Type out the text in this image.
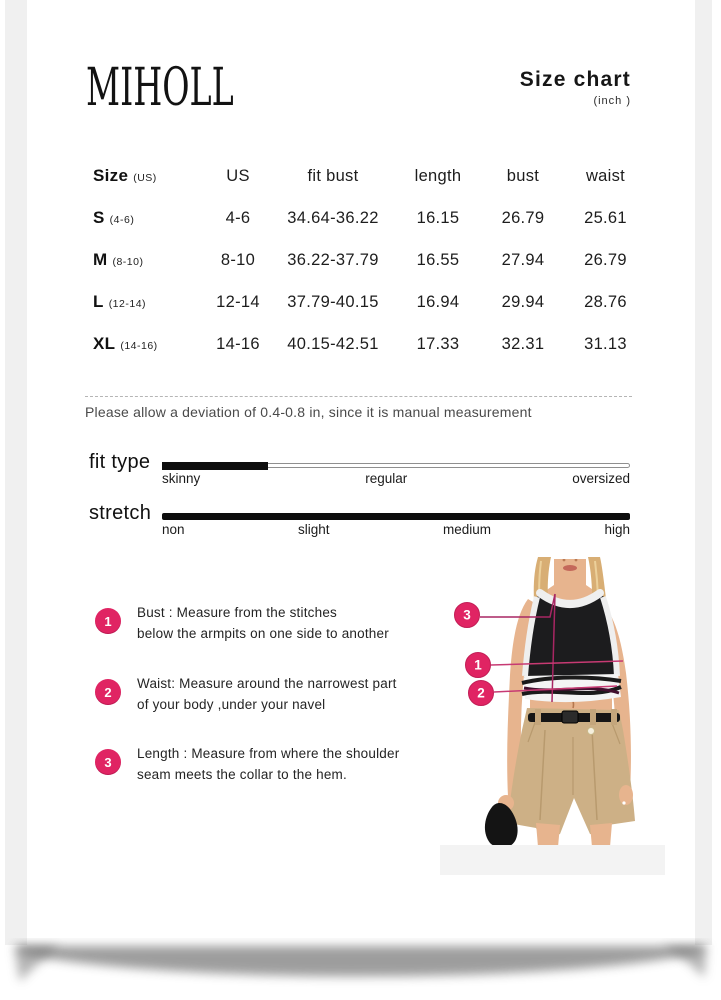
MIHOLL	Size chart
(inch )
Size (US)	US	fit bust	length	bust	waist
S (4-6)	4-6	34.64-36.22	16.15	26.79	25.61
M (8-10)	8-10	36.22-37.79	16.55	27.94	26.79
L (12-14)	12-14	37.79-40.15	16.94	29.94	28.76
XL (14-16)	14-16	40.15-42.51	17.33	32.31	31.13
Please allow a deviation of 0.4-0.8 in, since it is manual measurement
fit type
skinny	regular	oversized
stretch
non	slight	medium	high
1
Bust : Measure from the stitches
below the armpits on one side to another
2
Waist: Measure around the narrowest part
of your body ,under your navel
3
Length : Measure from where the shoulder
seam meets the collar to the hem.
3
1
2
